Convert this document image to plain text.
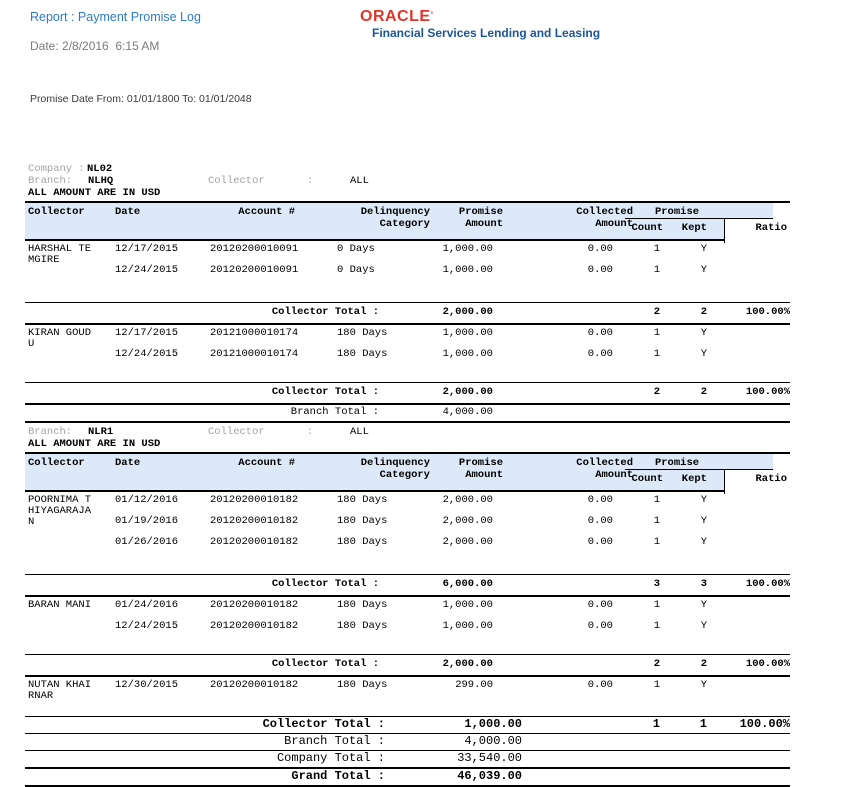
Report : Payment Promise Log	ORACLE’
Financial Services Lending and Leasing
Date: 2/8/2016  6:15 AM
Promise Date From: 01/01/1800 To: 01/01/2048
Company : NL02
Branch: NLHQ	Collector	:	ALL
ALL AMOUNT ARE IN USD
Collector	Date	Account #	Delinquency
Category
Promise
Amount
Collected
Amount
Promise
Count	Kept	Ratio
HARSHAL TEMGIRE
12/17/2015	20120200010091	0 Days	1,000.00	0.00	1	Y
12/24/2015	20120200010091	0 Days	1,000.00	0.00	1	Y
Collector Total :	2,000.00	2	2	100.00%
KIRAN GOUDU
12/17/2015	20121000010174	180 Days	1,000.00	0.00	1	Y
12/24/2015	20121000010174	180 Days	1,000.00	0.00	1	Y
Collector Total :	2,000.00	2	2	100.00%
Branch Total :	4,000.00
Branch: NLR1	Collector	:	ALL
ALL AMOUNT ARE IN USD
Collector	Date	Account #	Delinquency
Category
Promise
Amount
Collected
Amount
Promise
Count	Kept	Ratio
POORNIMA THIYAGARAJAN
01/12/2016	20120200010182	180 Days	2,000.00	0.00	1	Y
01/19/2016	20120200010182	180 Days	2,000.00	0.00	1	Y
01/26/2016	20120200010182	180 Days	2,000.00	0.00	1	Y
Collector Total :	6,000.00	3	3	100.00%
BARAN MANI 01/24/2016	20120200010182	180 Days	1,000.00	0.00	1	Y
12/24/2015	20120200010182	180 Days	1,000.00	0.00	1	Y
Collector Total :	2,000.00	2	2	100.00%
NUTAN KHAIRNAR
12/30/2015	20120200010182	180 Days	299.00	0.00	1	Y
Collector Total :	1,000.00	1	1	100.00%
Branch Total :	4,000.00
Company Total :	33,540.00
Grand Total :	46,039.00
